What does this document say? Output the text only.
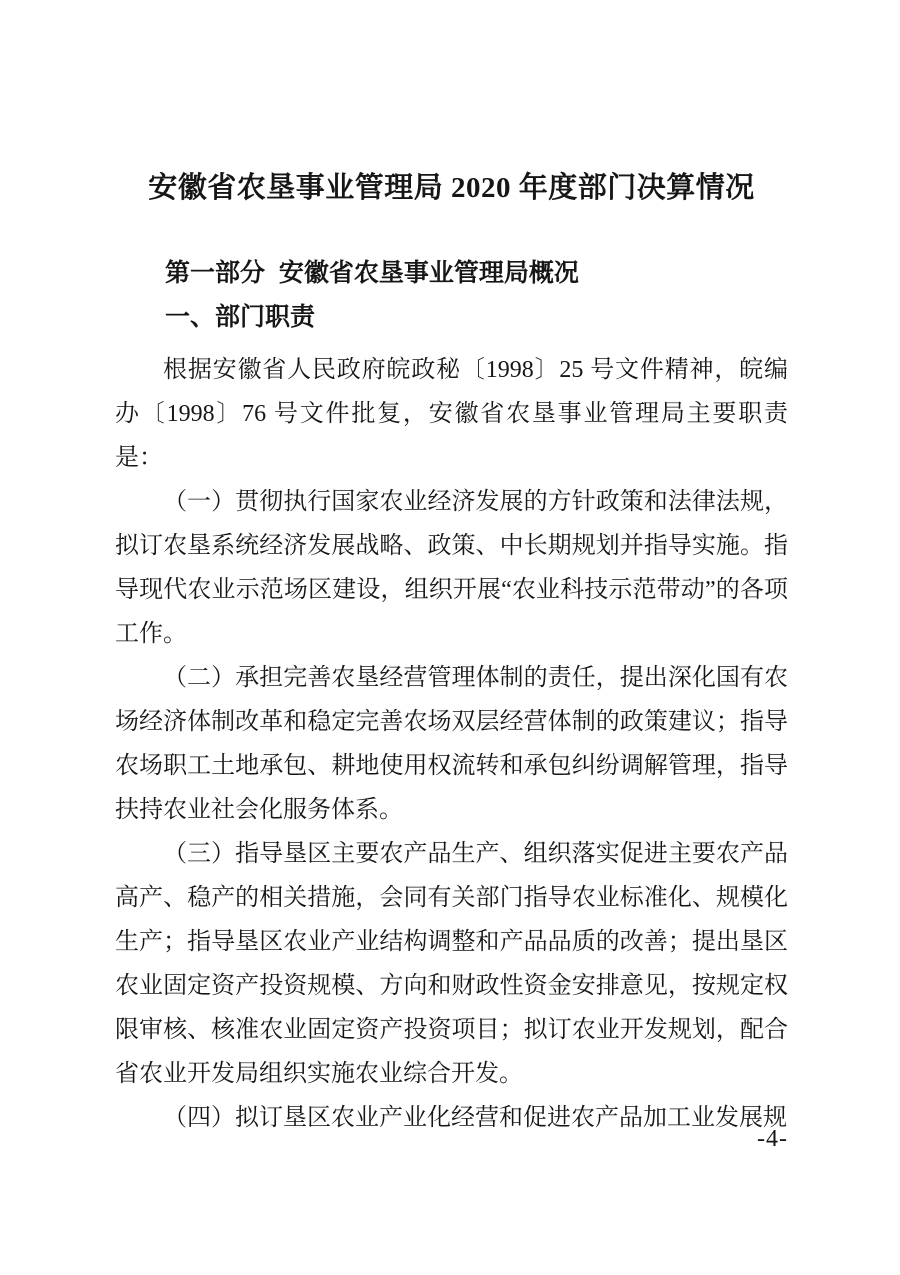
安徽省农垦事业管理局 2020 年度部门决算情况
第一部分  安徽省农垦事业管理局概况
一、部门职责

根据安徽省人民政府皖政秘〔1998〕25 号文件精神，皖编办〔1998〕76 号文件批复，安徽省农垦事业管理局主要职责是：

（一）贯彻执行国家农业经济发展的方针政策和法律法规，拟订农垦系统经济发展战略、政策、中长期规划并指导实施。指导现代农业示范场区建设，组织开展“农业科技示范带动”的各项工作。

（二）承担完善农垦经营管理体制的责任，提出深化国有农场经济体制改革和稳定完善农场双层经营体制的政策建议；指导农场职工土地承包、耕地使用权流转和承包纠纷调解管理，指导扶持农业社会化服务体系。

（三）指导垦区主要农产品生产、组织落实促进主要农产品高产、稳产的相关措施，会同有关部门指导农业标准化、规模化生产；指导垦区农业产业结构调整和产品品质的改善；提出垦区农业固定资产投资规模、方向和财政性资金安排意见，按规定权限审核、核准农业固定资产投资项目；拟订农业开发规划，配合省农业开发局组织实施农业综合开发。

（四）拟订垦区农业产业化经营和促进农产品加工业发展规

-4-
